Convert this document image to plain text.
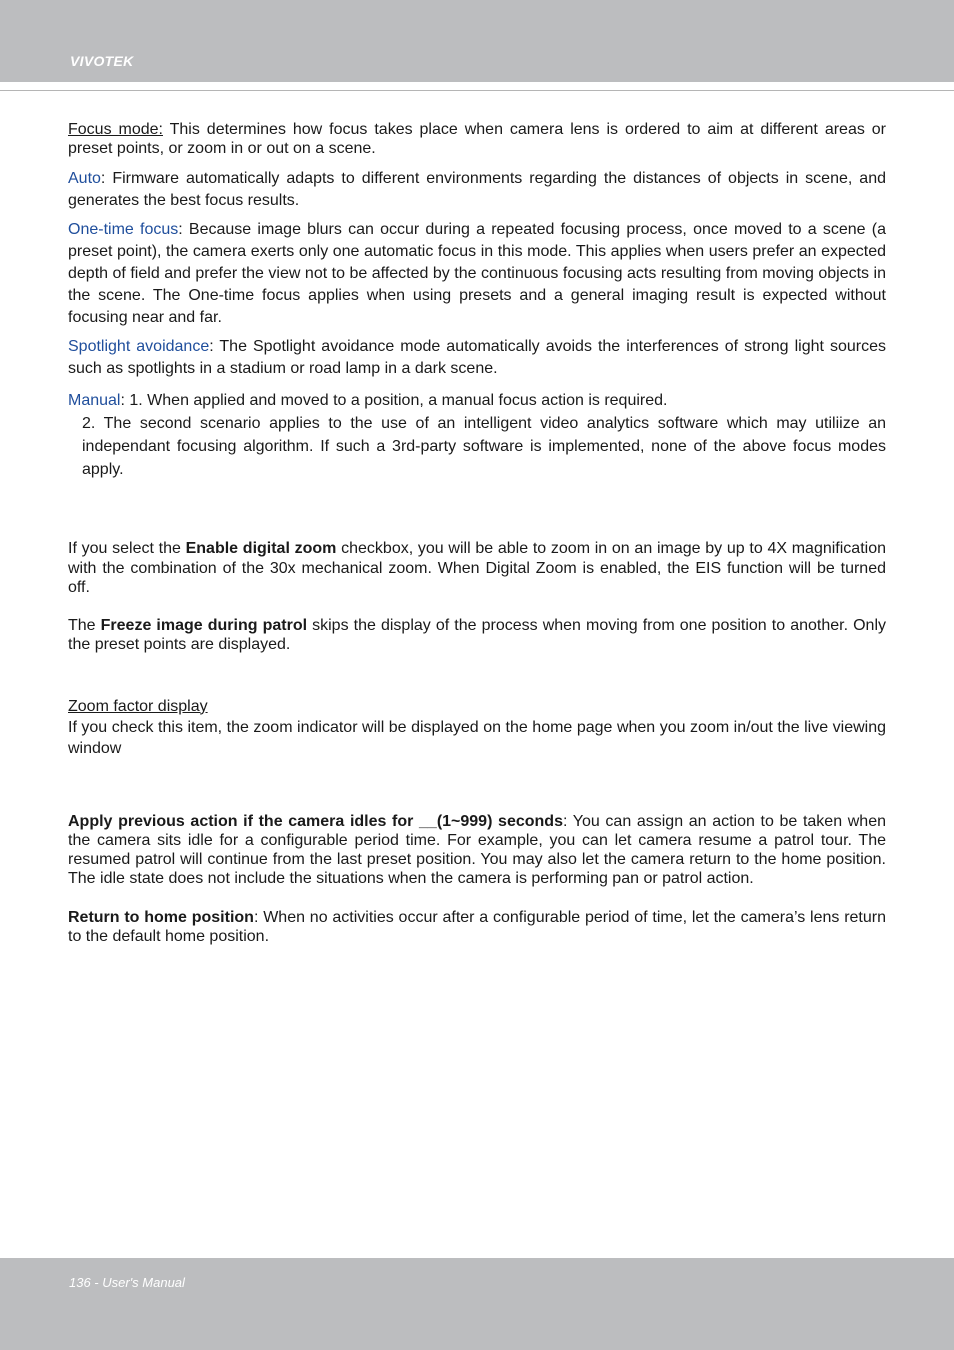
VIVOTEK

Focus mode: This determines how focus takes place when camera lens is ordered to aim at different areas or preset points, or zoom in or out on a scene.

Auto: Firmware automatically adapts to different environments regarding the distances of objects in scene, and generates the best focus results.

One-time focus: Because image blurs can occur during a repeated focusing process, once moved to a scene (a preset point), the camera exerts only one automatic focus in this mode. This applies when users prefer an expected depth of field and prefer the view not to be affected by the continuous focusing acts resulting from moving objects in the scene. The One-time focus applies when using presets and a general imaging result is expected without focusing near and far.

Spotlight avoidance: The Spotlight avoidance mode automatically avoids the interferences of strong light sources such as spotlights in a stadium or road lamp in a dark scene.

Manual: 1. When applied and moved to a position, a manual focus action is required.

2. The second scenario applies to the use of an intelligent video analytics software which may utiliize an independant focusing algorithm. If such a 3rd-party software is implemented, none of the above focus modes apply.

If you select the Enable digital zoom checkbox, you will be able to zoom in on an image by up to 4X magnification with the combination of the 30x mechanical zoom. When Digital Zoom is enabled, the EIS function will be turned off.

The Freeze image during patrol skips the display of the process when moving from one position to another. Only the preset points are displayed.

Zoom factor display

If you check this item, the zoom indicator will be displayed on the home page when you zoom in/out the live viewing window

Apply previous action if the camera idles for __(1~999) seconds: You can assign an action to be taken when the camera sits idle for a configurable period time. For example, you can let camera resume a patrol tour. The resumed patrol will continue from the last preset position. You may also let the camera return to the home position. The idle state does not include the situations when the camera is performing pan or patrol action.

Return to home position: When no activities occur after a configurable period of time, let the camera’s lens return to the default home position.

136 - User's Manual
